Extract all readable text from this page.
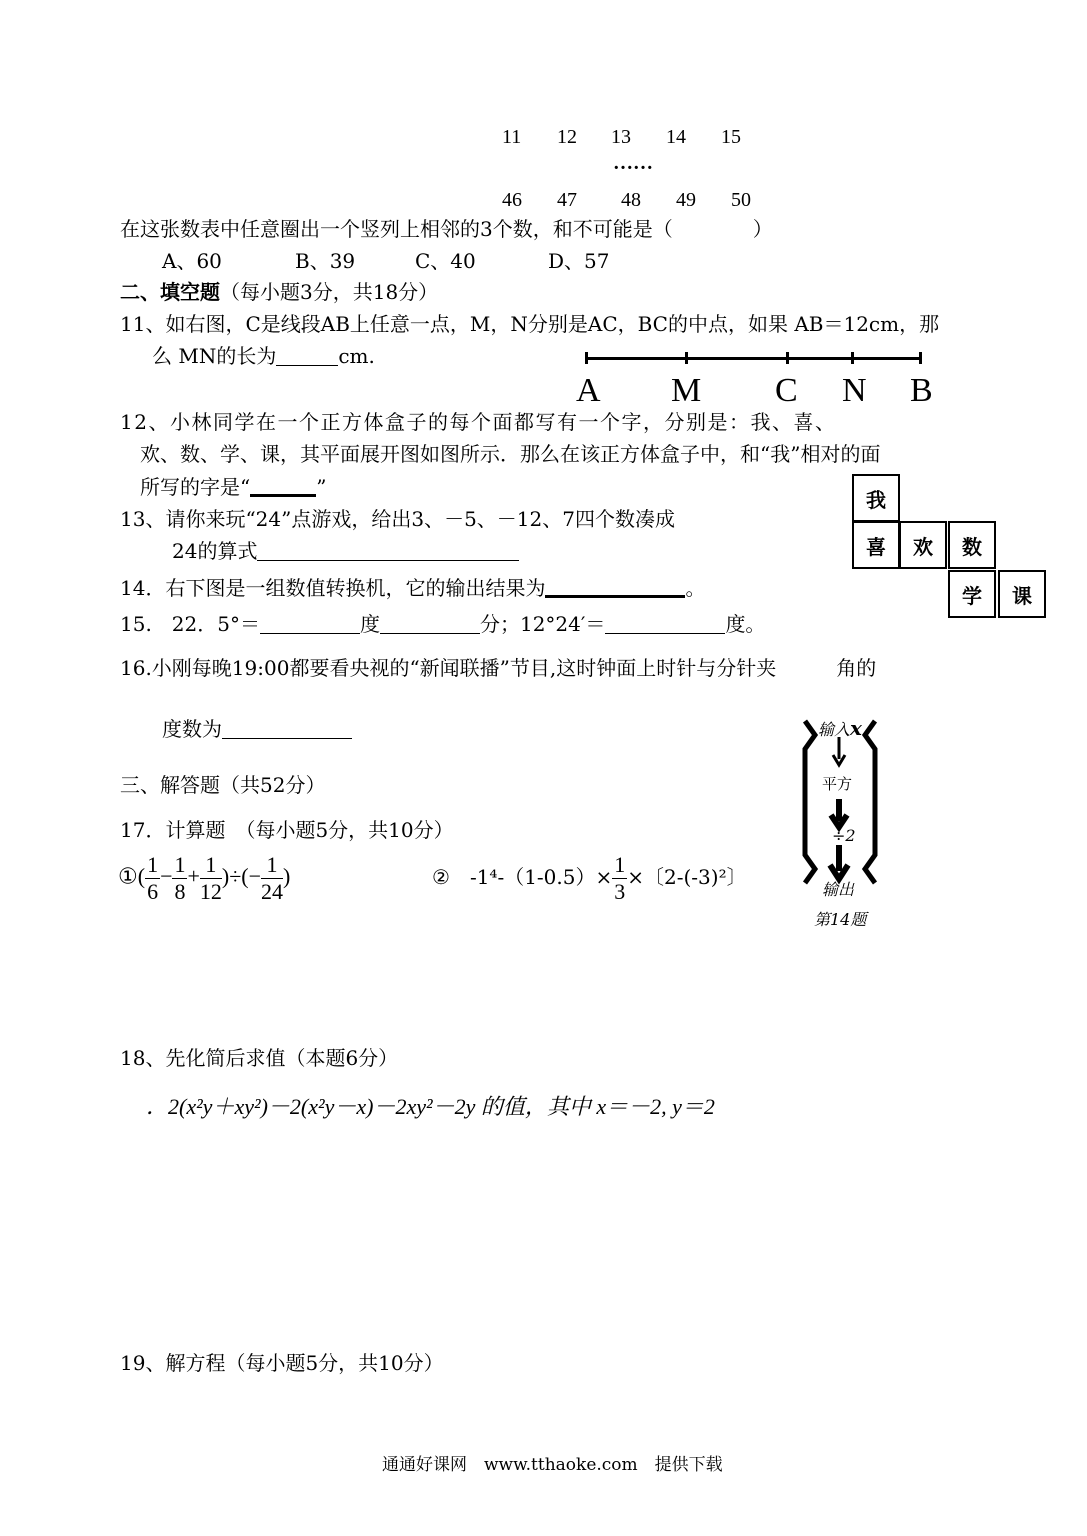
11 12 13 14 15
……
46 47 48 49 50
在这张数表中任意圈出一个竖列上相邻的3个数，和不可能是（　　　　）
A、60	B、39	C、40	D、57
二、填空题（每小题3分，共18分）
11、如右图，C是线段AB上任意一点，M，N分别是AC，BC的中点，如果 AB＝12cm，那
么 MN的长为	cm.
A M C N B
12、小林同学在一个正方体盒子的每个面都写有一个字，分别是：我、喜、
欢、数、学、课，其平面展开图如图所示．那么在该正方体盒子中，和“我”相对的面
所写的字是“	”
我
喜	欢	数
学	课
13、请你来玩“24”点游戏，给出3、－5、－12、7四个数凑成
24的算式
14．右下图是一组数值转换机，它的输出结果为	。
15.　22．5°＝	度	分；12°24′＝	度。
16.小刚每晚19:00都要看央视的“新闻联播”节目,这时钟面上时针与分针夹　　　角的
度数为	输入x
平方
÷2
输出
第14题
三、解答题（共52分）
17．计算题　（每小题5分，共10分）
①( $\frac{1}{6} - \frac{1}{8} + \frac{1}{12}$ )÷(− $\frac{1}{24}$ )	②　 $-1^4-(1-0.5)\times \frac{1}{3}$ ×〔2-(-3)²〕
18、先化简后求值（本题6分）
．2(x²y＋xy²)－2(x²y－x)－2xy²－2y 的值，其中 x＝－2, y＝2
19、解方程（每小题5分，共10分）
通通好课网　www.tthaoke.com　提供下载
